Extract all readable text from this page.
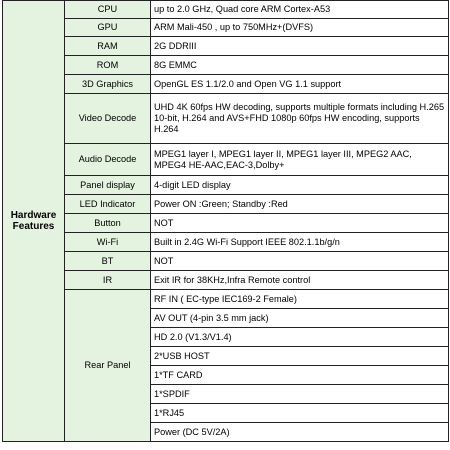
Hardware Features	CPU	up to 2.0 GHz, Quad core ARM Cortex-A53
	GPU	ARM Mali-450 , up to 750MHz+(DVFS)
	RAM	2G DDRIII
	ROM	8G EMMC
	3D Graphics	OpenGL ES 1.1/2.0 and Open VG 1.1 support
	Video Decode	UHD 4K 60fps HW decoding, supports multiple formats including H.265 10-bit, H.264 and AVS+FHD 1080p 60fps HW encoding, supports H.264
	Audio Decode	MPEG1 layer I, MPEG1 layer II, MPEG1 layer III, MPEG2 AAC, MPEG4 HE-AAC,EAC-3,Dolby+
	Panel display	4-digit LED display
	LED Indicator	Power ON :Green; Standby :Red
	Button	NOT
	Wi-Fi	Built in 2.4G Wi-Fi Support IEEE 802.1.1b/g/n
	BT	NOT
	IR	Exit IR for 38KHz,Infra Remote control
	Rear Panel	RF IN ( EC-type IEC169-2 Female)
		AV OUT (4-pin 3.5 mm jack)
		HD 2.0 (V1.3/V1.4)
		2*USB HOST
		1*TF CARD
		1*SPDIF
		1*RJ45
		Power (DC 5V/2A)
